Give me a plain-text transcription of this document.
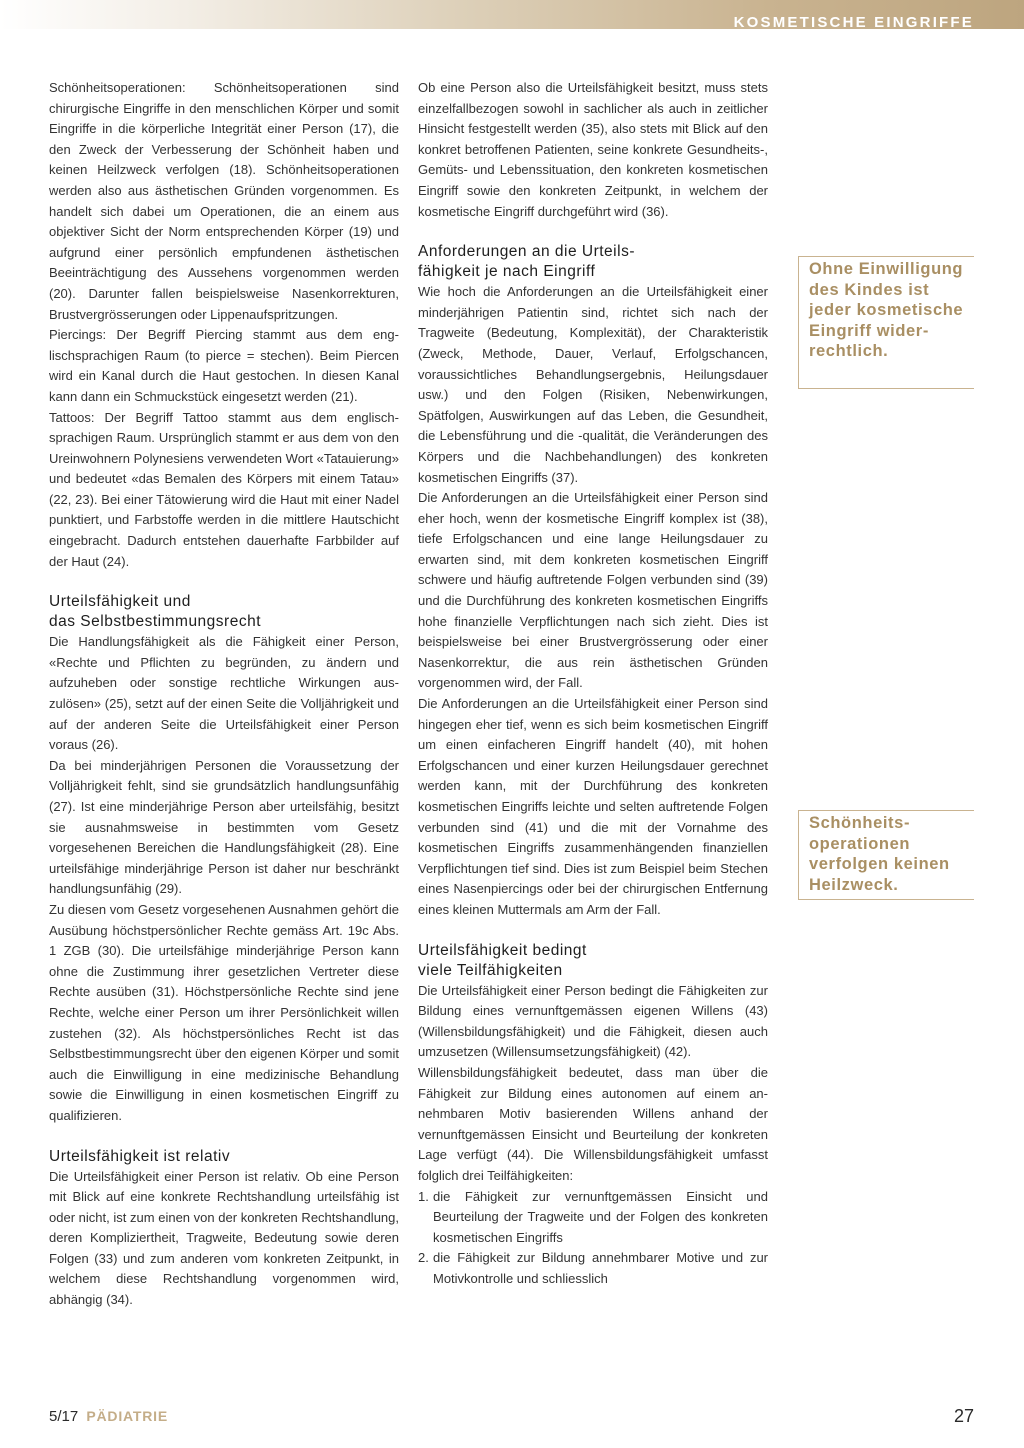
KOSMETISCHE EINGRIFFE

Schönheitsoperationen: Schönheitsoperationen sind chirurgische Eingriffe in den menschlichen Körper und somit Eingriffe in die körperliche Integrität einer Person (17), die den Zweck der Verbesserung der Schönheit haben und keinen Heilzweck verfolgen (18). Schönheitsoperationen werden also aus ästhetischen Gründen vorgenommen. Es handelt sich dabei um Operationen, die an einem aus objektiver Sicht der Norm entsprechenden Körper (19) und aufgrund einer persönlich empfundenen ästhetischen Beeinträchtigung des Aussehens vorgenommen werden (20). Darunter fallen beispielsweise Nasenkorrekturen, Brustvergrösserungen oder Lippenaufspritzungen.

Piercings: Der Begriff Piercing stammt aus dem englischsprachigen Raum (to pierce = stechen). Beim Piercen wird ein Kanal durch die Haut gestochen. In diesen Kanal kann dann ein Schmuckstück eingesetzt werden (21).

Tattoos: Der Begriff Tattoo stammt aus dem englischsprachigen Raum. Ursprünglich stammt er aus dem von den Ureinwohnern Polynesiens verwendeten Wort «Tatauierung» und bedeutet «das Bemalen des Körpers mit einem Tatau» (22, 23). Bei einer Tätowierung wird die Haut mit einer Nadel punktiert, und Farbstoffe werden in die mittlere Hautschicht eingebracht. Dadurch entstehen dauerhafte Farbbilder auf der Haut (24).

Urteilsfähigkeit und
das Selbstbestimmungsrecht

Die Handlungsfähigkeit als die Fähigkeit einer Person, «Rechte und Pflichten zu begründen, zu ändern und aufzuheben oder sonstige rechtliche Wirkungen auszulösen» (25), setzt auf der einen Seite die Volljährigkeit und auf der anderen Seite die Urteilsfähigkeit einer Person voraus (26).

Da bei minderjährigen Personen die Voraussetzung der Volljährigkeit fehlt, sind sie grundsätzlich handlungsunfähig (27). Ist eine minderjährige Person aber urteilsfähig, besitzt sie ausnahmsweise in bestimmten vom Gesetz vorgesehenen Bereichen die Handlungsfähigkeit (28). Eine urteilsfähige minderjährige Person ist daher nur beschränkt handlungsunfähig (29).

Zu diesen vom Gesetz vorgesehenen Ausnahmen gehört die Ausübung höchstpersönlicher Rechte gemäss Art. 19c Abs. 1 ZGB (30). Die urteilsfähige minderjährige Person kann ohne die Zustimmung ihrer gesetzlichen Vertreter diese Rechte ausüben (31). Höchstpersönliche Rechte sind jene Rechte, welche einer Person um ihrer Persönlichkeit willen zustehen (32). Als höchstpersönliches Recht ist das Selbstbestimmungsrecht über den eigenen Körper und somit auch die Einwilligung in eine medizinische Behandlung sowie die Einwilligung in einen kosmetischen Eingriff zu qualifizieren.

Urteilsfähigkeit ist relativ

Die Urteilsfähigkeit einer Person ist relativ. Ob eine Person mit Blick auf eine konkrete Rechtshandlung urteilsfähig ist oder nicht, ist zum einen von der konkreten Rechtshandlung, deren Kompliziertheit, Tragweite, Bedeutung sowie deren Folgen (33) und zum anderen vom konkreten Zeitpunkt, in welchem diese Rechtshandlung vorgenommen wird, abhängig (34).

Ob eine Person also die Urteilsfähigkeit besitzt, muss stets einzelfallbezogen sowohl in sachlicher als auch in zeitlicher Hinsicht festgestellt werden (35), also stets mit Blick auf den konkret betroffenen Patienten, seine konkrete Gesundheits-, Gemüts- und Lebenssituation, den konkreten kosmetischen Eingriff sowie den konkreten Zeitpunkt, in welchem der kosmetische Eingriff durchgeführt wird (36).

Anforderungen an die Urteils-
fähigkeit je nach Eingriff

Wie hoch die Anforderungen an die Urteilsfähigkeit einer minderjährigen Patientin sind, richtet sich nach der Tragweite (Bedeutung, Komplexität), der Charakteristik (Zweck, Methode, Dauer, Verlauf, Erfolgschancen, voraussichtliches Behandlungsergebnis, Heilungsdauer usw.) und den Folgen (Risiken, Nebenwirkungen, Spätfolgen, Auswirkungen auf das Leben, die Gesundheit, die Lebensführung und die -qualität, die Veränderungen des Körpers und die Nachbehandlungen) des konkreten kosmetischen Eingriffs (37).

Die Anforderungen an die Urteilsfähigkeit einer Person sind eher hoch, wenn der kosmetische Eingriff komplex ist (38), tiefe Erfolgschancen und eine lange Heilungsdauer zu erwarten sind, mit dem konkreten kosmetischen Eingriff schwere und häufig auftretende Folgen verbunden sind (39) und die Durchführung des konkreten kosmetischen Eingriffs hohe finanzielle Verpflichtungen nach sich zieht. Dies ist beispielsweise bei einer Brustvergrösserung oder einer Nasenkorrektur, die aus rein ästhetischen Gründen vorgenommen wird, der Fall.

Die Anforderungen an die Urteilsfähigkeit einer Person sind hingegen eher tief, wenn es sich beim kosmetischen Eingriff um einen einfacheren Eingriff handelt (40), mit hohen Erfolgschancen und einer kurzen Heilungsdauer gerechnet werden kann, mit der Durchführung des konkreten kosmetischen Eingriffs leichte und selten auftretende Folgen verbunden sind (41) und die mit der Vornahme des kosmetischen Eingriffs zusammenhängenden finanziellen Verpflichtungen tief sind. Dies ist zum Beispiel beim Stechen eines Nasenpiercings oder bei der chirurgischen Entfernung eines kleinen Muttermals am Arm der Fall.

Urteilsfähigkeit bedingt
viele Teilfähigkeiten

Die Urteilsfähigkeit einer Person bedingt die Fähigkeiten zur Bildung eines vernunftgemässen eigenen Willens (43) (Willensbildungsfähigkeit) und die Fähigkeit, diesen auch umzusetzen (Willensumsetzungsfähigkeit) (42).

Willensbildungsfähigkeit bedeutet, dass man über die Fähigkeit zur Bildung eines autonomen auf einem annehmbaren Motiv basierenden Willens anhand der vernunftgemässen Einsicht und Beurteilung der konkreten Lage verfügt (44). Die Willensbildungsfähigkeit umfasst folglich drei Teilfähigkeiten:

1. die Fähigkeit zur vernunftgemässen Einsicht und Beurteilung der Tragweite und der Folgen des konkreten kosmetischen Eingriffs
2. die Fähigkeit zur Bildung annehmbarer Motive und zur Motivkontrolle und schliesslich
Ohne Einwilligung des Kindes ist jeder kosmetische Eingriff widerrechtlich.
Schönheitsoperationen verfolgen keinen Heilzweck.
5/17 PÄDIATRIE	27
